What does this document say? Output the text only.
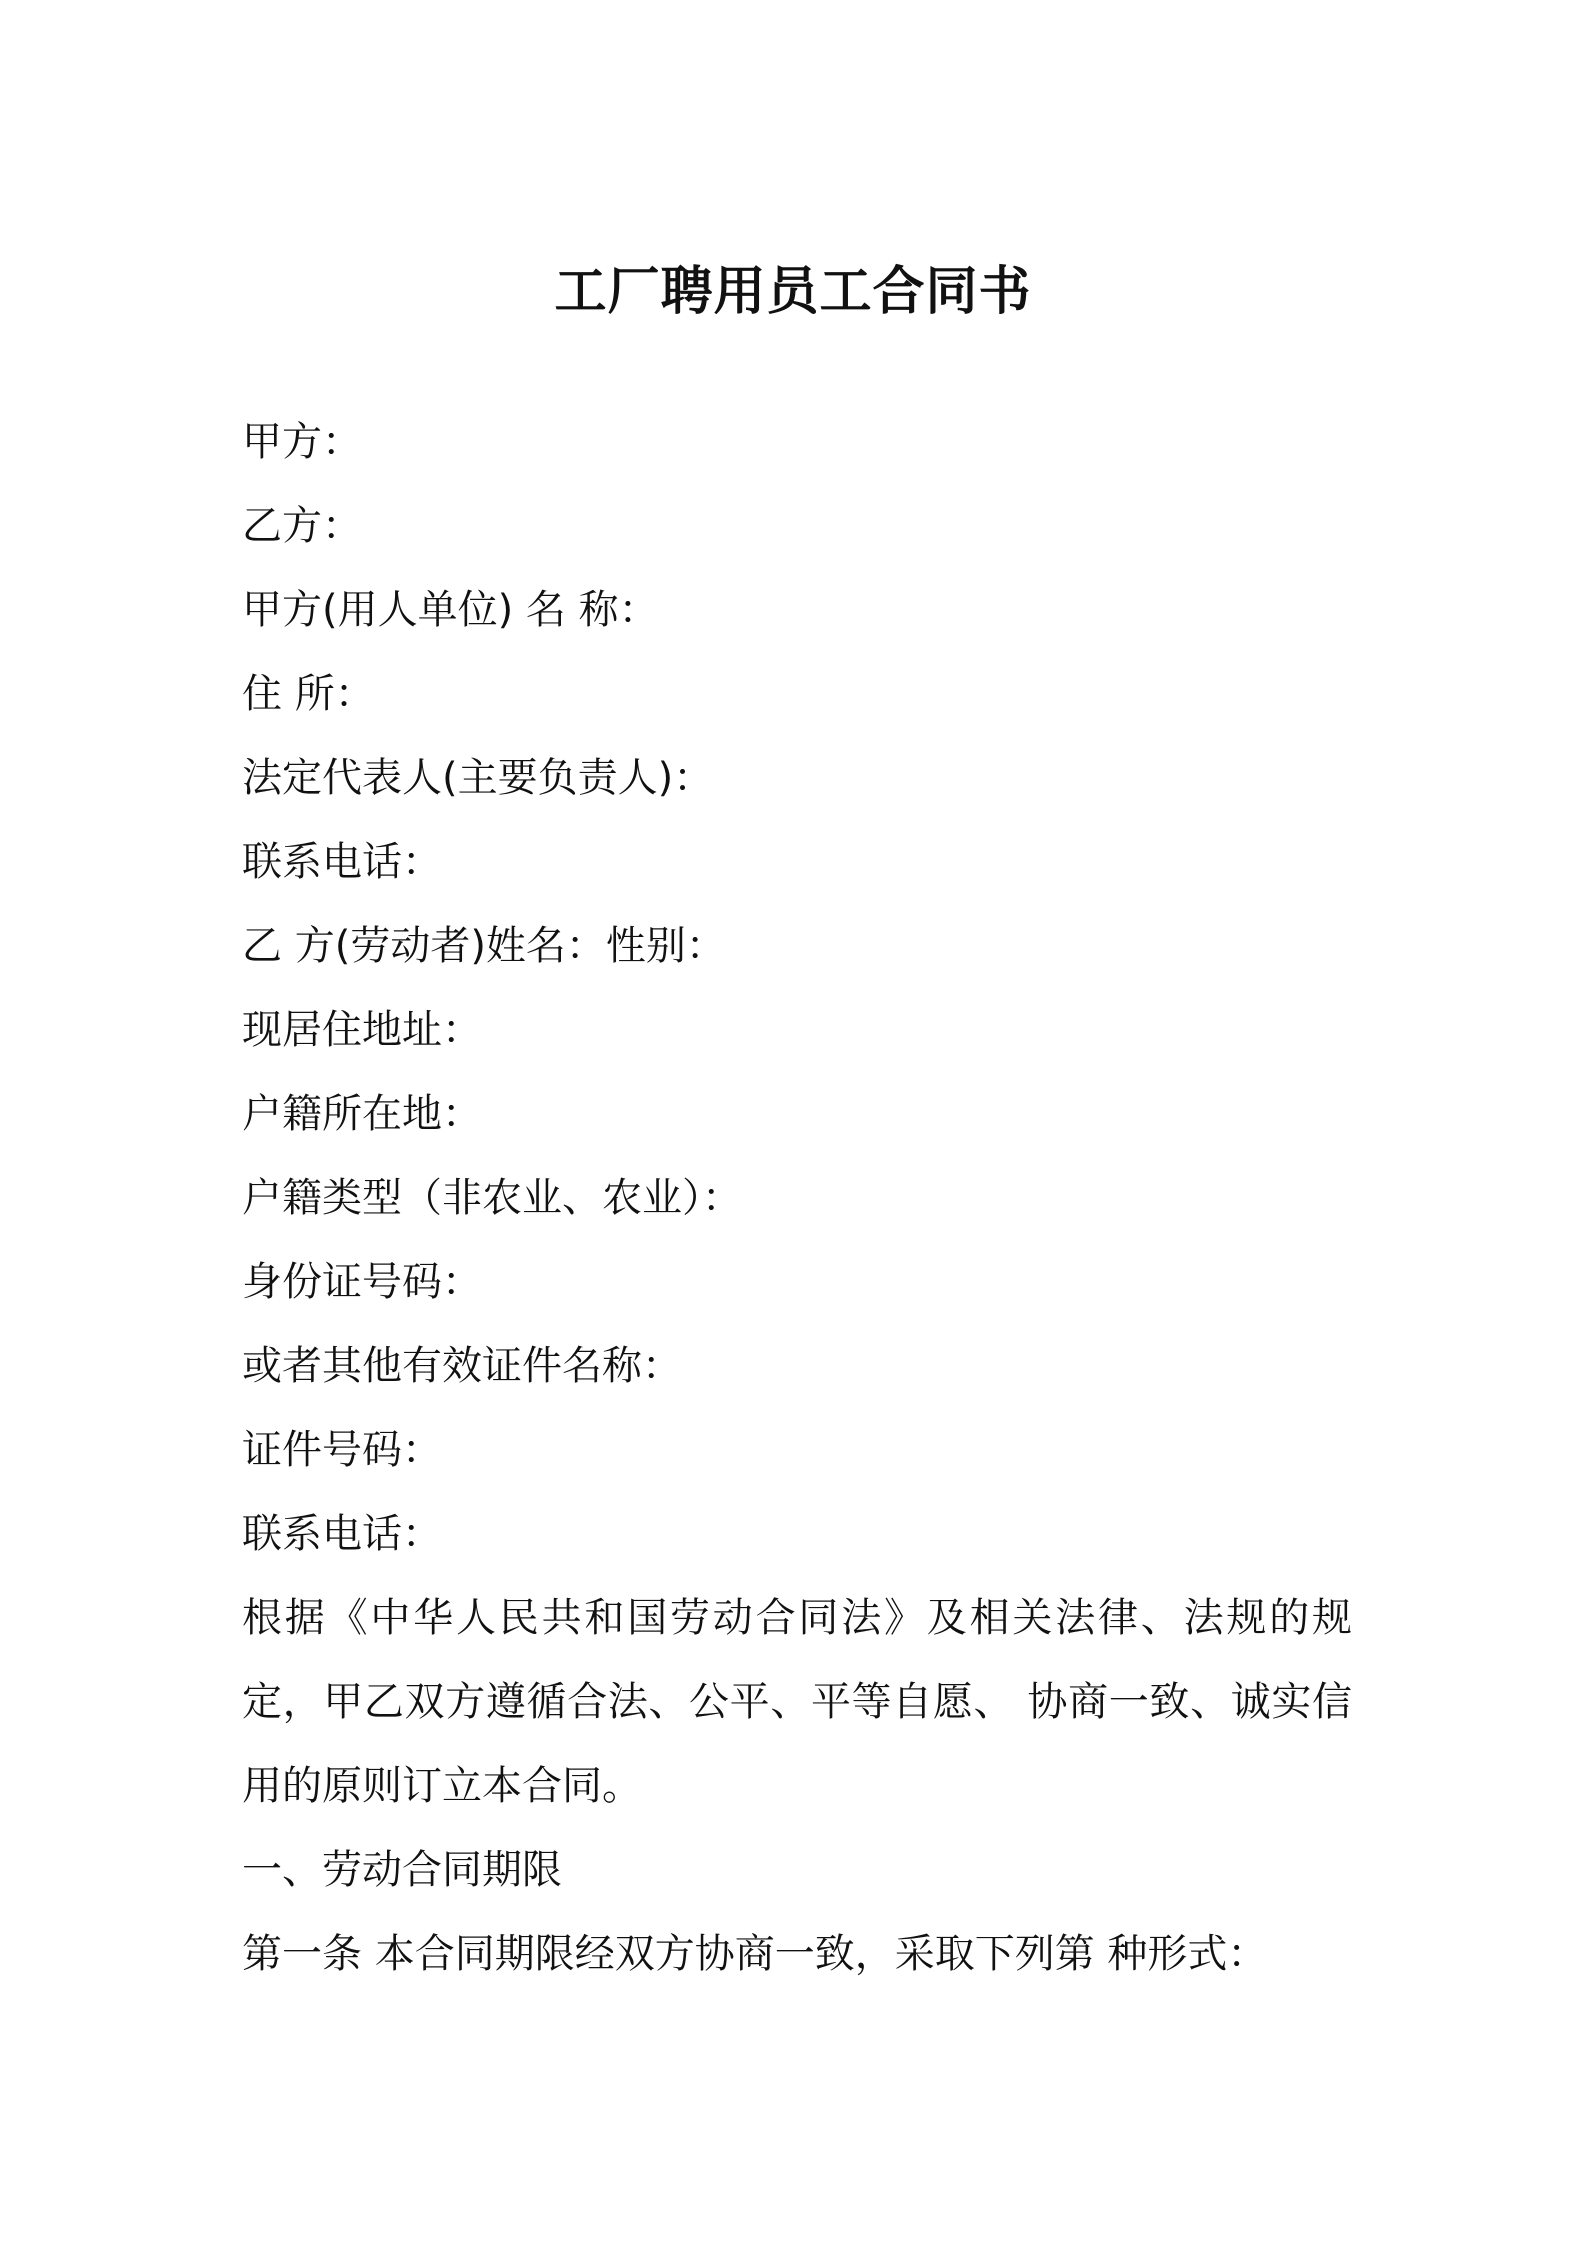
工厂聘用员工合同书
甲方：
乙方：
甲方(用人单位) 名 称：
住 所：
法定代表人(主要负责人)：
联系电话：
乙 方(劳动者)姓名：性别：
现居住地址：
户籍所在地：
户籍类型（非农业、农业）：
身份证号码：
或者其他有效证件名称：
证件号码：
联系电话：
根据《中华人民共和国劳动合同法》及相关法律、法规的规定，甲乙双方遵循合法、公平、平等自愿、 协商一致、诚实信用的原则订立本合同。
一、劳动合同期限
第一条 本合同期限经双方协商一致，采取下列第 种形式：
